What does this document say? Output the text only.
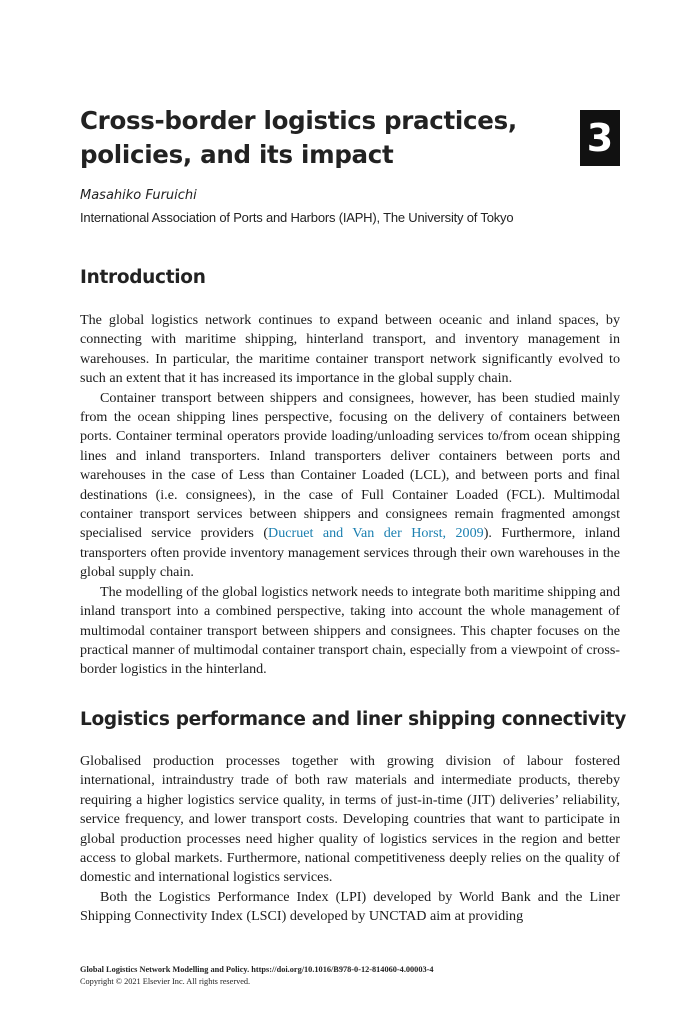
Cross-border logistics practices,
policies, and its impact	3
Masahiko Furuichi
International Association of Ports and Harbors (IAPH), The University of Tokyo
Introduction

The global logistics network continues to expand between oceanic and inland spaces, by connecting with maritime shipping, hinterland transport, and inventory management in warehouses. In particular, the maritime container transport network significantly evolved to such an extent that it has increased its importance in the global supply chain.

Container transport between shippers and consignees, however, has been studied mainly from the ocean shipping lines perspective, focusing on the delivery of containers between ports. Container terminal operators provide loading/unloading services to/from ocean shipping lines and inland transporters. Inland transporters deliver containers between ports and warehouses in the case of Less than Container Loaded (LCL), and between ports and final destinations (i.e. consignees), in the case of Full Container Loaded (FCL). Multimodal container transport services between shippers and consignees remain fragmented amongst specialised service providers (Ducruet and Van der Horst, 2009). Furthermore, inland transporters often provide inventory management services through their own warehouses in the global supply chain.

The modelling of the global logistics network needs to integrate both maritime shipping and inland transport into a combined perspective, taking into account the whole management of multimodal container transport between shippers and consignees. This chapter focuses on the practical manner of multimodal container transport chain, especially from a viewpoint of cross-border logistics in the hinterland.

Logistics performance and liner shipping connectivity

Globalised production processes together with growing division of labour fostered international, intraindustry trade of both raw materials and intermediate products, thereby requiring a higher logistics service quality, in terms of just-in-time (JIT) deliveries’ reliability, service frequency, and lower transport costs. Developing countries that want to participate in global production processes need higher quality of logistics services in the region and better access to global markets. Furthermore, national competitiveness deeply relies on the quality of domestic and international logistics services.

Both the Logistics Performance Index (LPI) developed by World Bank and the Liner Shipping Connectivity Index (LSCI) developed by UNCTAD aim at providing

Global Logistics Network Modelling and Policy. https://doi.org/10.1016/B978-0-12-814060-4.00003-4
Copyright © 2021 Elsevier Inc. All rights reserved.
